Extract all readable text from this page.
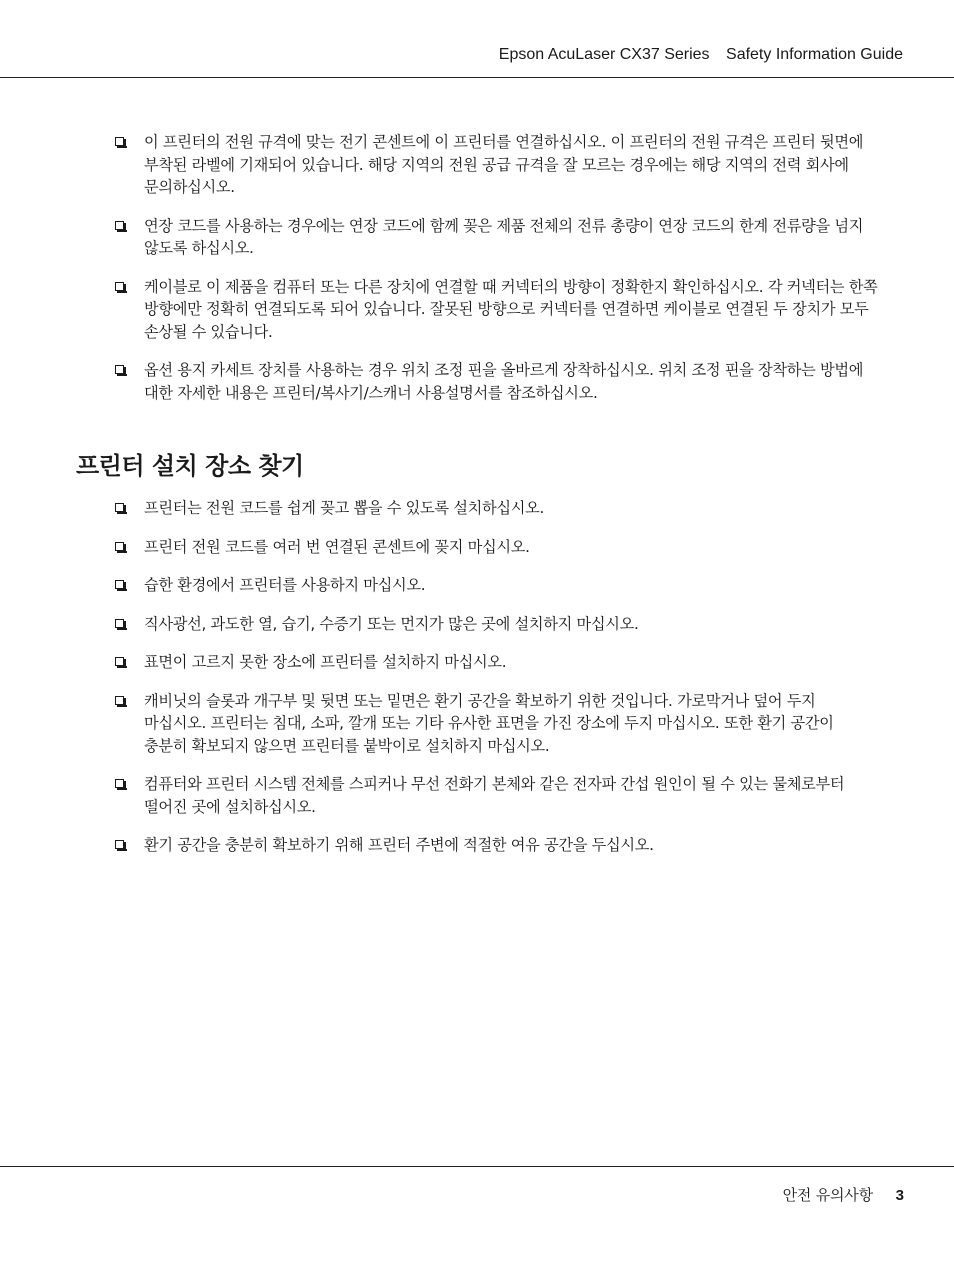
Epson AcuLaser CX37 Series Safety Information Guide
이 프린터의 전원 규격에 맞는 전기 콘센트에 이 프린터를 연결하십시오. 이 프린터의 전원 규격은 프린터 뒷면에 부착된 라벨에 기재되어 있습니다. 해당 지역의 전원 공급 규격을 잘 모르는 경우에는 해당 지역의 전력 회사에 문의하십시오.
연장 코드를 사용하는 경우에는 연장 코드에 함께 꽂은 제품 전체의 전류 총량이 연장 코드의 한계 전류량을 넘지 않도록 하십시오.
케이블로 이 제품을 컴퓨터 또는 다른 장치에 연결할 때 커넥터의 방향이 정확한지 확인하십시오. 각 커넥터는 한쪽 방향에만 정확히 연결되도록 되어 있습니다. 잘못된 방향으로 커넥터를 연결하면 케이블로 연결된 두 장치가 모두 손상될 수 있습니다.
옵션 용지 카세트 장치를 사용하는 경우 위치 조정 핀을 올바르게 장착하십시오. 위치 조정 핀을 장착하는 방법에 대한 자세한 내용은 프린터/복사기/스캐너 사용설명서를 참조하십시오.
프린터 설치 장소 찾기
프린터는 전원 코드를 쉽게 꽂고 뽑을 수 있도록 설치하십시오.
프린터 전원 코드를 여러 번 연결된 콘센트에 꽂지 마십시오.
습한 환경에서 프린터를 사용하지 마십시오.
직사광선, 과도한 열, 습기, 수증기 또는 먼지가 많은 곳에 설치하지 마십시오.
표면이 고르지 못한 장소에 프린터를 설치하지 마십시오.
캐비닛의 슬롯과 개구부 및 뒷면 또는 밑면은 환기 공간을 확보하기 위한 것입니다. 가로막거나 덮어 두지 마십시오. 프린터는 침대, 소파, 깔개 또는 기타 유사한 표면을 가진 장소에 두지 마십시오. 또한 환기 공간이 충분히 확보되지 않으면 프린터를 붙박이로 설치하지 마십시오.
컴퓨터와 프린터 시스템 전체를 스피커나 무선 전화기 본체와 같은 전자파 간섭 원인이 될 수 있는 물체로부터 떨어진 곳에 설치하십시오.
환기 공간을 충분히 확보하기 위해 프린터 주변에 적절한 여유 공간을 두십시오.
안전 유의사항 3
